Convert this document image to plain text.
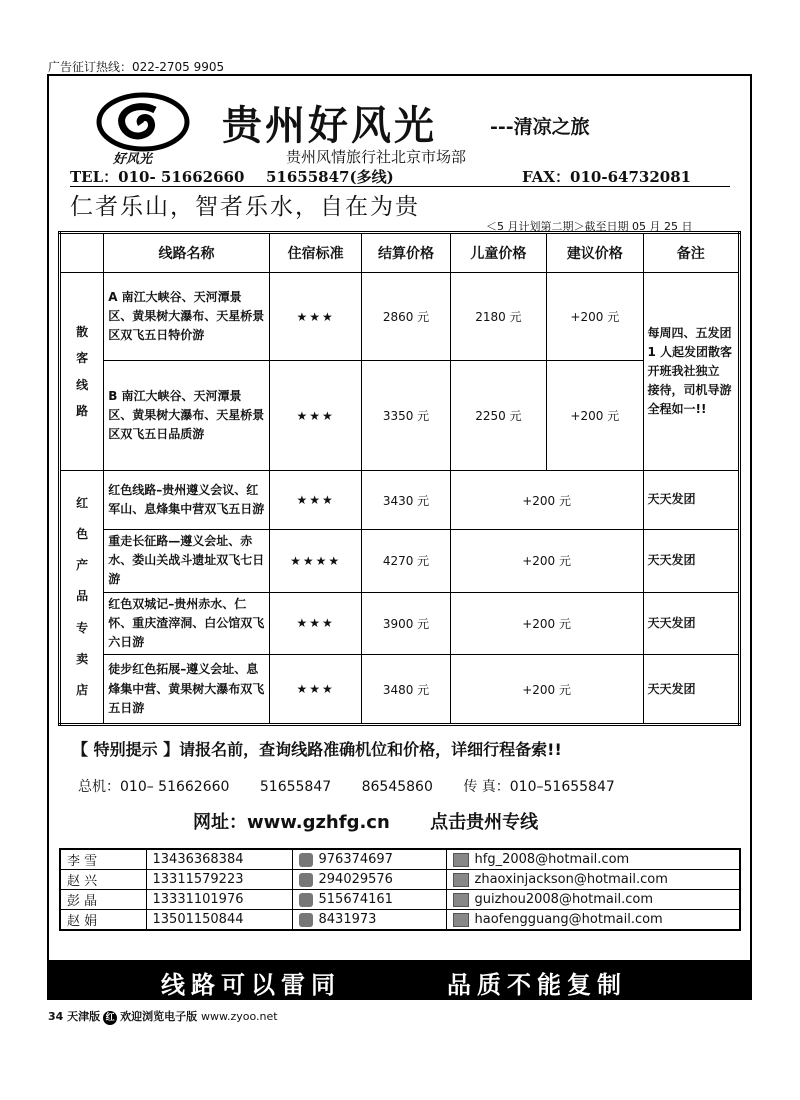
广告征订热线：022-2705 9905
好风光
贵州好风光	---清凉之旅
贵州风情旅行社北京市场部
TEL：010- 51662660 51655847(多线)	FAX：010-64732081
仁者乐山，智者乐水，自在为贵
＜5 月计划第二期＞截至日期 05 月 25 日
	线路名称	住宿标准	结算价格	儿童价格	建议价格	备注

散客线路	A 南江大峡谷、天河潭景区、黄果树大瀑布、天星桥景区双飞五日特价游	★★★	2860 元	2180 元	+200 元	每周四、五发团 1 人起发团散客开班我社独立 接待，司机导游全程如一!!
	B 南江大峡谷、天河潭景区、黄果树大瀑布、天星桥景区双飞五日品质游	★★★	3350 元	2250 元	+200 元	

红色产品专卖店	红色线路–贵州遵义会议、红军山、息烽集中营双飞五日游	★★★	3430 元	+200 元		天天发团
	重走长征路—遵义会址、赤水、娄山关战斗遗址双飞七日游	★★★★	4270 元	+200 元		天天发团
	红色双城记–贵州赤水、仁怀、重庆渣滓洞、白公馆双飞六日游	★★★	3900 元	+200 元		天天发团
	徒步红色拓展–遵义会址、息烽集中营、黄果树大瀑布双飞五日游	★★★	3480 元	+200 元		天天发团
【 特别提示 】请报名前，查询线路准确机位和价格，详细行程备索!!
总机：010– 51662660 51655847 86545860 传 真：010–51655847
网址：www.gzhfg.cn 点击贵州专线
李 雪	13436368384	976374697	hfg_2008@hotmail.com
赵 兴	13311579223	294029576	zhaoxinjackson@hotmail.com
彭 晶	13331101976	515674161	guizhou2008@hotmail.com
赵 娟	13501150844	8431973	haofengguang@hotmail.com
线路可以雷同	品质不能复制
34 天津版 红 欢迎浏览电子版 www.zyoo.net
